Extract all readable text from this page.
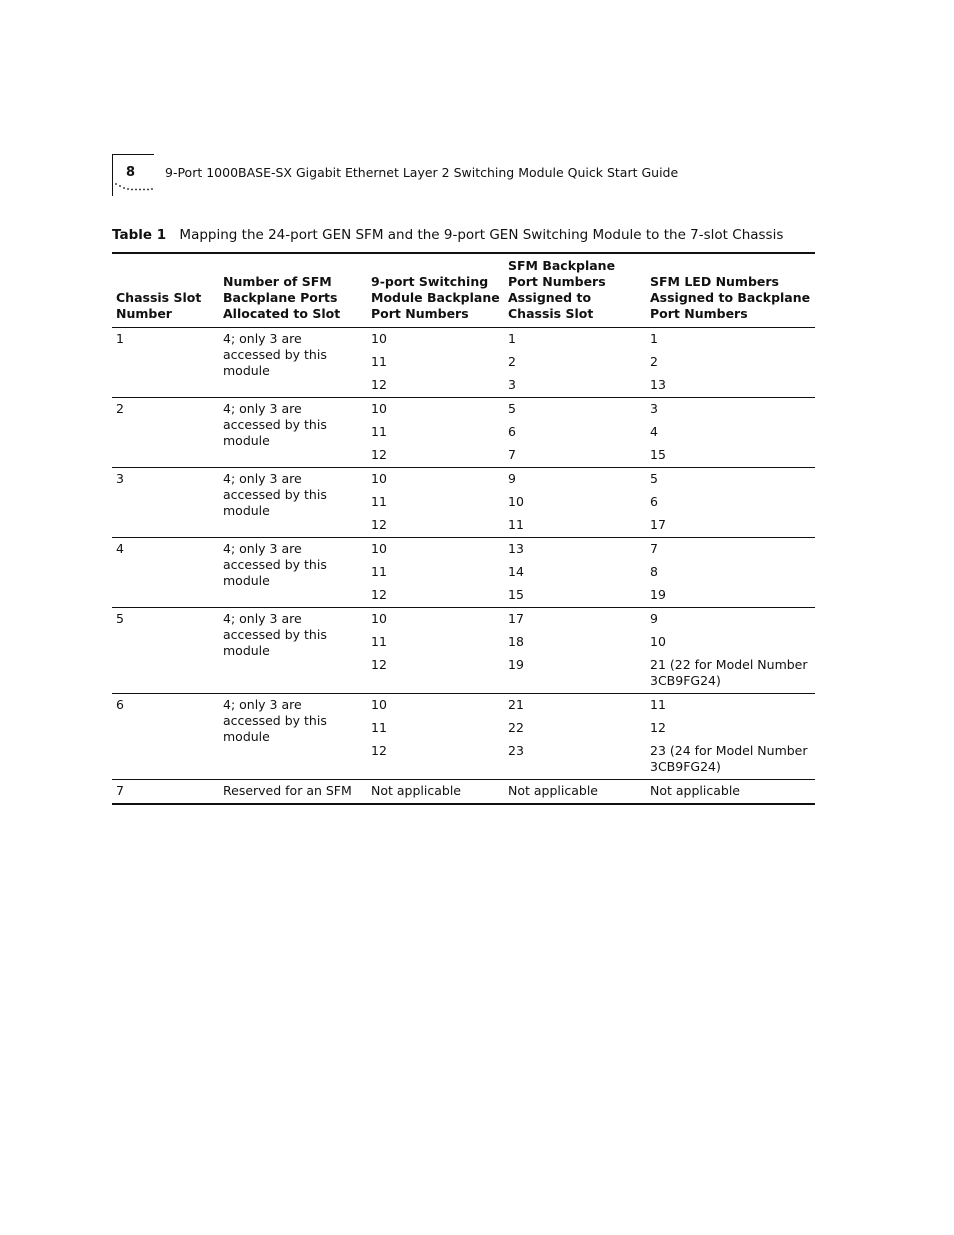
8 9-Port 1000BASE-SX Gigabit Ethernet Layer 2 Switching Module Quick Start Guide
Table 1 Mapping the 24-port GEN SFM and the 9-port GEN Switching Module to the 7-slot Chassis
Chassis Slot Number	Number of SFM Backplane Ports Allocated to Slot	9-port Switching Module Backplane Port Numbers	SFM Backplane Port Numbers Assigned to Chassis Slot	SFM LED Numbers Assigned to Backplane Port Numbers
1	4; only 3 are accessed by this module	10	1	1
		11	2	2
		12	3	13
2	4; only 3 are accessed by this module	10	5	3
		11	6	4
		12	7	15
3	4; only 3 are accessed by this module	10	9	5
		11	10	6
		12	11	17
4	4; only 3 are accessed by this module	10	13	7
		11	14	8
		12	15	19
5	4; only 3 are accessed by this module	10	17	9
		11	18	10
		12	19	21 (22 for Model Number 3CB9FG24)
6	4; only 3 are accessed by this module	10	21	11
		11	22	12
		12	23	23 (24 for Model Number 3CB9FG24)
7	Reserved for an SFM	Not applicable	Not applicable	Not applicable
